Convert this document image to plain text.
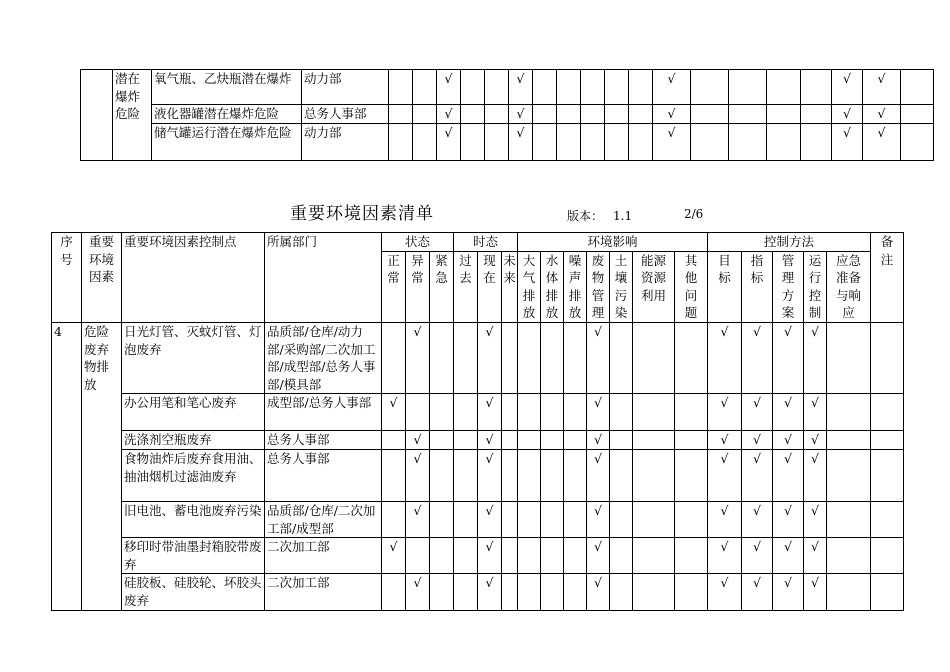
	潜在爆炸危险	氧气瓶、乙炔瓶潜在爆炸	动力部			√			√						√					√	√	
		液化器罐潜在爆炸危险	总务人事部			√			√						√					√	√	
		储气罐运行潜在爆炸危险	动力部			√			√						√					√	√	
重要环境因素清单	版本： 1.1	2/6
序号	重要环境因素	重要环境因素控制点	所属部门	状态			时态			环境影响							控制方法					备注
				正常	异常	紧急	过去	现在	未来	大气排放	水体排放	噪声排放	废物管理	土壤污染	能源资源利用	其他问题	目标	指标	管理方案	运行控制	应急准备与响应	
4	危险废弃物排放	日光灯管、灭蚊灯管、灯泡废弃	品质部/仓库/动力部/采购部/二次加工部/成型部/总务人事部/模具部		√			√					√				√	√	√	√		
		办公用笔和笔心废弃	成型部/总务人事部	√				√					√				√	√	√	√		
		洗涤剂空瓶废弃	总务人事部		√			√					√				√	√	√	√		
		食物油炸后废弃食用油、抽油烟机过滤油废弃	总务人事部		√			√					√				√	√	√	√		
		旧电池、蓄电池废弃污染	品质部/仓库/二次加工部/成型部		√			√					√				√	√	√	√		
		移印时带油墨封箱胶带废弃	二次加工部	√				√					√				√	√	√	√		
		硅胶板、硅胶轮、坏胶头废弃	二次加工部		√			√					√				√	√	√	√		
